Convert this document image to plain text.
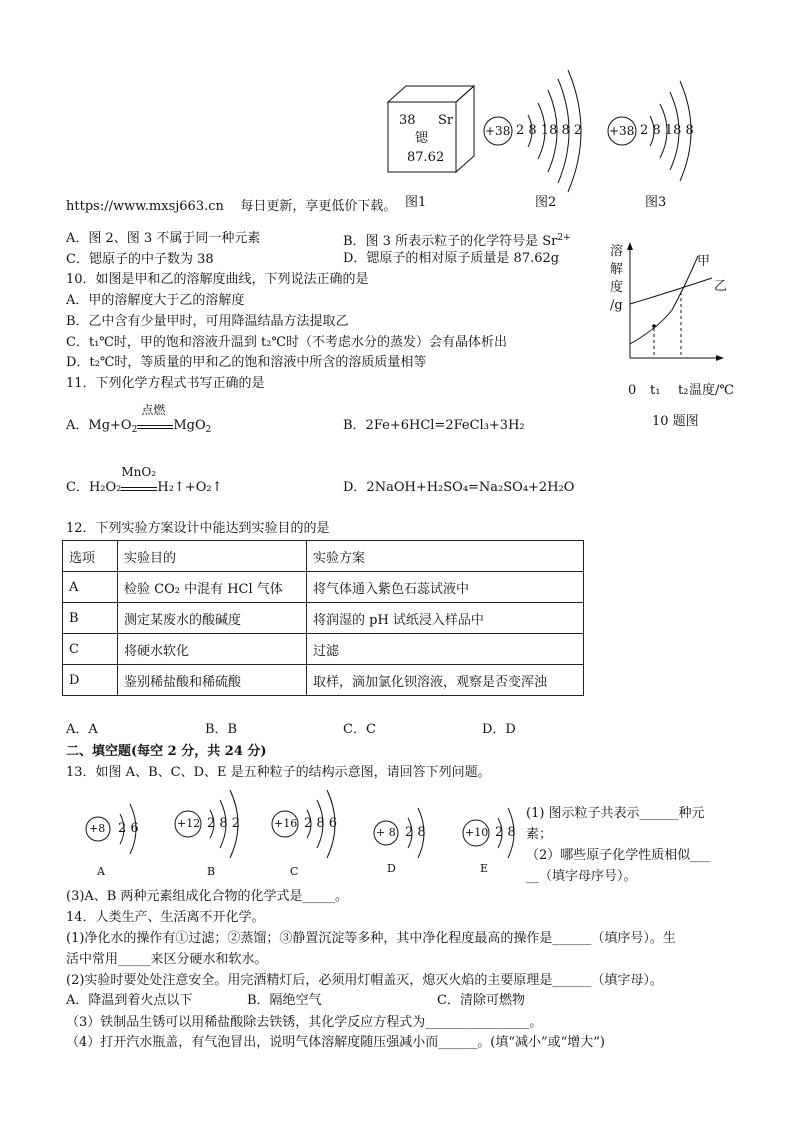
38 Sr
锶
87.62
+38 2 8 18 8 2 +38 2 8 18 8
https://www.mxsj663.cn    每日更新，享更低价下载。 图1	图2	图3
A．图 2、图 3 不属于同一种元素	B．图 3 所表示粒子的化学符号是 $Sr^{2+}$
C．锶原子的中子数为 38	D．锶原子的相对原子质量是 87.62g
10．如图是甲和乙的溶解度曲线，下列说法正确的是
A．甲的溶解度大于乙的溶解度
B．乙中含有少量甲时，可用降温结晶方法提取乙
C．t₁℃时，甲的饱和溶液升温到 t₂℃时（不考虑水分的蒸发）会有晶体析出
D．t₂℃时，等质量的甲和乙的饱和溶液中所含的溶质质量相等
溶
解
度
/g
甲
乙
0 t₁ t₂ 温度/℃
10 题图
11．下列化学方程式书写正确的是
A．$Mg+O_2$
点燃
MgO$_2$	B．2Fe+6HCl=2FeCl₃+3H₂
C．H₂O₂
MnO₂
H₂↑+O₂↑	D．2NaOH+H₂SO₄=Na₂SO₄+2H₂O
12．下列实验方案设计中能达到实验目的的是
选项	实验目的	实验方案
A	检验 CO₂ 中混有 HCl 气体	将气体通入紫色石蕊试液中
B	测定某废水的酸碱度	将润湿的 pH 试纸浸入样品中
C	将硬水软化	过滤
D	鉴别稀盐酸和稀硫酸	取样，滴加氯化钡溶液，观察是否变浑浊
A．A	B．B	C．C	D．D
二、填空题(每空 2 分，共 24 分)
13．如图 A、B、C、D、E 是五种粒子的结构示意图，请回答下列问题。
+8 2 6
A
+12 2 8 2
B
+16 2 8 6
C
+ 8 2 8
D
+10 2 8
E
(1) 图示粒子共表示______种元
素；
（2）哪些原子化学性质相似___
__（填字母序号）。
(3)A、B 两种元素组成化合物的化学式是_____。
14．人类生产、生活离不开化学。
(1)净化水的操作有①过滤；②蒸馏；③静置沉淀等多种，其中净化程度最高的操作是______（填序号）。生
活中常用_____来区分硬水和软水。
(2)实验时要处处注意安全。用完酒精灯后，必须用灯帽盖灭，熄灭火焰的主要原理是______（填字母）。
A．降温到着火点以下	B．隔绝空气	C．清除可燃物
（3）铁制品生锈可以用稀盐酸除去铁锈，其化学反应方程式为________________。
（4）打开汽水瓶盖，有气泡冒出，说明气体溶解度随压强减小而______。(填“减小”或“增大”)
